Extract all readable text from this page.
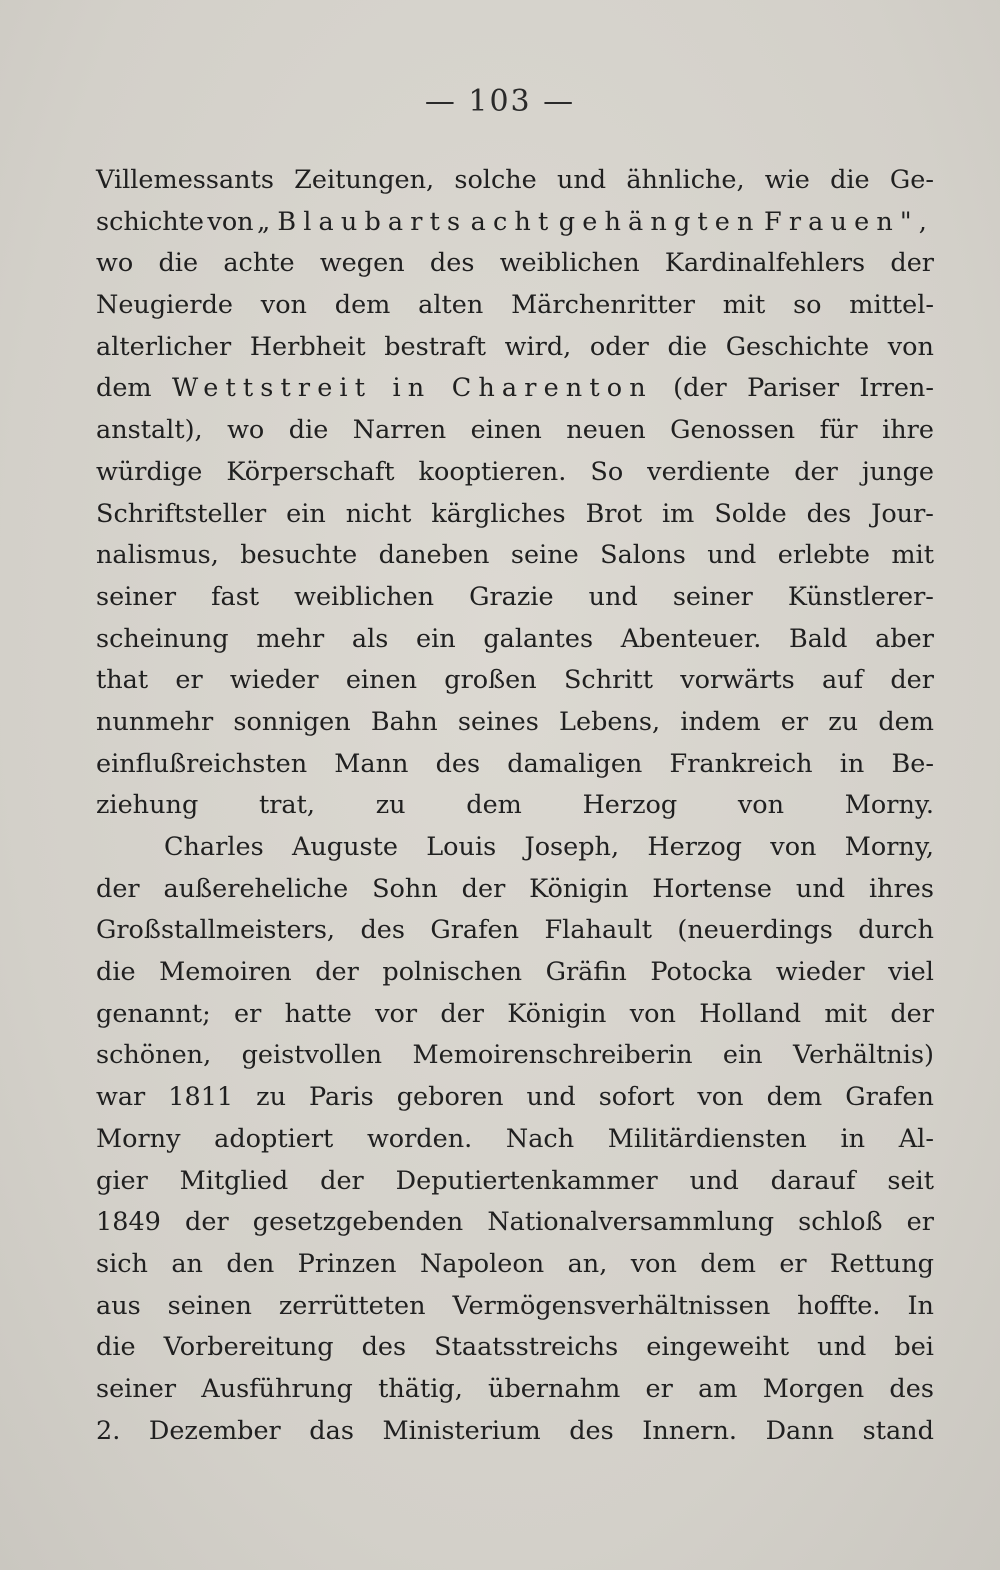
— 103 —
Villemessants Zeitungen, solche und ähnliche, wie die Ge-
schichte von „Blaubarts acht gehängten Frauen",
wo die achte wegen des weiblichen Kardinalfehlers der
Neugierde von dem alten Märchenritter mit so mittel-
alterlicher Herbheit bestraft wird, oder die Geschichte von
dem Wettstreit in Charenton (der Pariser Irren-
anstalt), wo die Narren einen neuen Genossen für ihre
würdige Körperschaft kooptieren. So verdiente der junge
Schriftsteller ein nicht kärgliches Brot im Solde des Jour-
nalismus, besuchte daneben seine Salons und erlebte mit
seiner fast weiblichen Grazie und seiner Künstlerer-
scheinung mehr als ein galantes Abenteuer. Bald aber
that er wieder einen großen Schritt vorwärts auf der
nunmehr sonnigen Bahn seines Lebens, indem er zu dem
einflußreichsten Mann des damaligen Frankreich in Be-
ziehung trat, zu dem Herzog von Morny.
Charles Auguste Louis Joseph, Herzog von Morny,
der außereheliche Sohn der Königin Hortense und ihres
Großstallmeisters, des Grafen Flahault (neuerdings durch
die Memoiren der polnischen Gräfin Potocka wieder viel
genannt; er hatte vor der Königin von Holland mit der
schönen, geistvollen Memoirenschreiberin ein Verhältnis)
war 1811 zu Paris geboren und sofort von dem Grafen
Morny adoptiert worden. Nach Militärdiensten in Al-
gier Mitglied der Deputiertenkammer und darauf seit
1849 der gesetzgebenden Nationalversammlung schloß er
sich an den Prinzen Napoleon an, von dem er Rettung
aus seinen zerrütteten Vermögensverhältnissen hoffte. In
die Vorbereitung des Staatsstreichs eingeweiht und bei
seiner Ausführung thätig, übernahm er am Morgen des
2. Dezember das Ministerium des Innern. Dann stand
